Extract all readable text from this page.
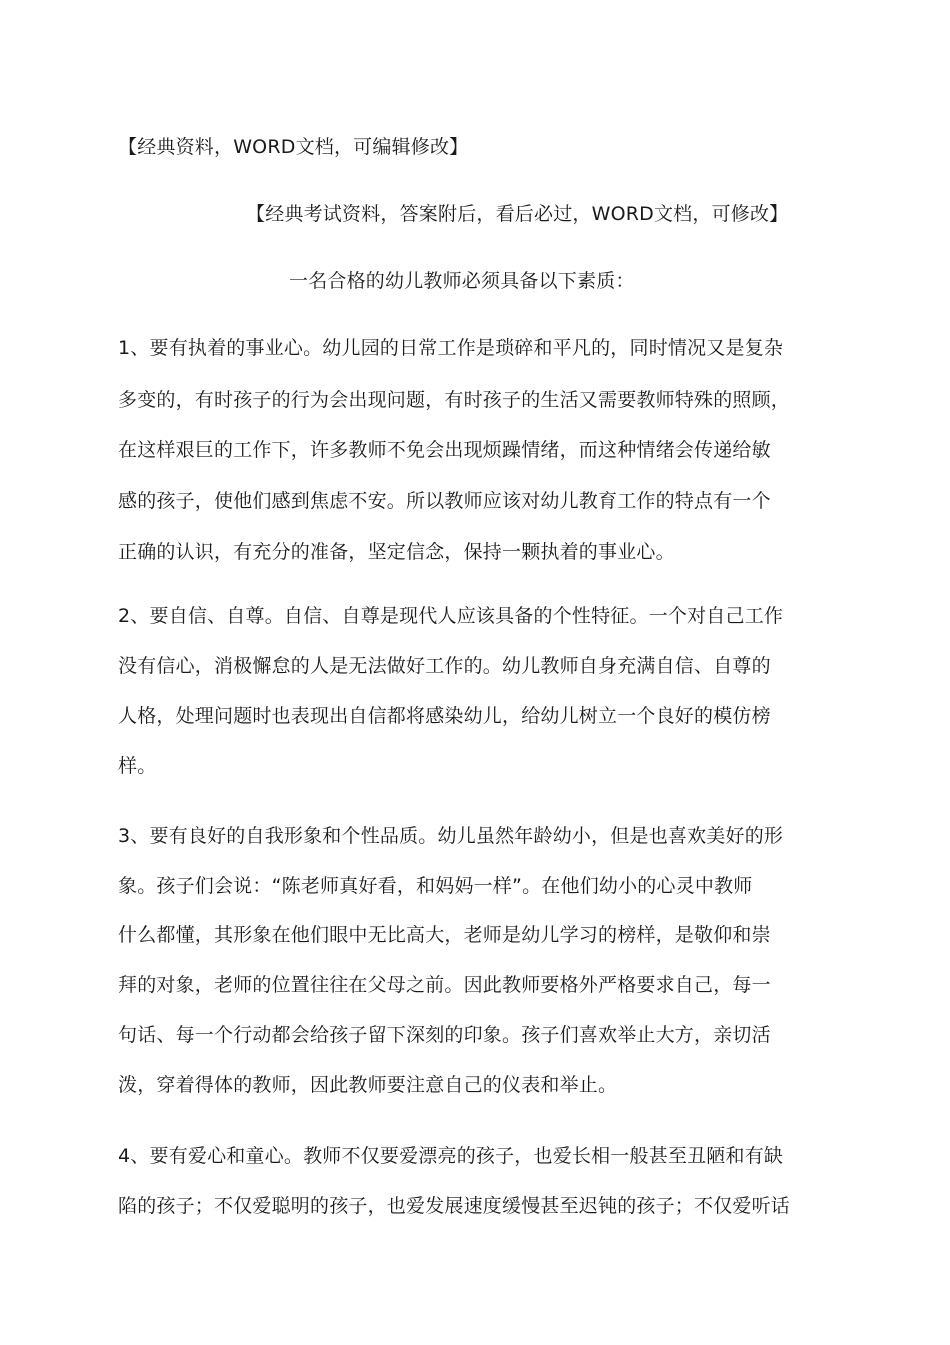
【经典资料，WORD文档，可编辑修改】
【经典考试资料，答案附后，看后必过，WORD文档，可修改】
一名合格的幼儿教师必须具备以下素质：
1、要有执着的事业心。幼儿园的日常工作是琐碎和平凡的，同时情况又是复杂
多变的，有时孩子的行为会出现问题，有时孩子的生活又需要教师特殊的照顾，
在这样艰巨的工作下，许多教师不免会出现烦躁情绪，而这种情绪会传递给敏
感的孩子，使他们感到焦虑不安。所以教师应该对幼儿教育工作的特点有一个
正确的认识，有充分的准备，坚定信念，保持一颗执着的事业心。
2、要自信、自尊。自信、自尊是现代人应该具备的个性特征。一个对自己工作
没有信心，消极懈怠的人是无法做好工作的。幼儿教师自身充满自信、自尊的
人格，处理问题时也表现出自信都将感染幼儿，给幼儿树立一个良好的模仿榜
样。
3、要有良好的自我形象和个性品质。幼儿虽然年龄幼小，但是也喜欢美好的形
象。孩子们会说：“陈老师真好看，和妈妈一样”。在他们幼小的心灵中教师
什么都懂，其形象在他们眼中无比高大，老师是幼儿学习的榜样，是敬仰和崇
拜的对象，老师的位置往往在父母之前。因此教师要格外严格要求自己，每一
句话、每一个行动都会给孩子留下深刻的印象。孩子们喜欢举止大方，亲切活
泼，穿着得体的教师，因此教师要注意自己的仪表和举止。
4、要有爱心和童心。教师不仅要爱漂亮的孩子，也爱长相一般甚至丑陋和有缺
陷的孩子；不仅爱聪明的孩子，也爱发展速度缓慢甚至迟钝的孩子；不仅爱听话
